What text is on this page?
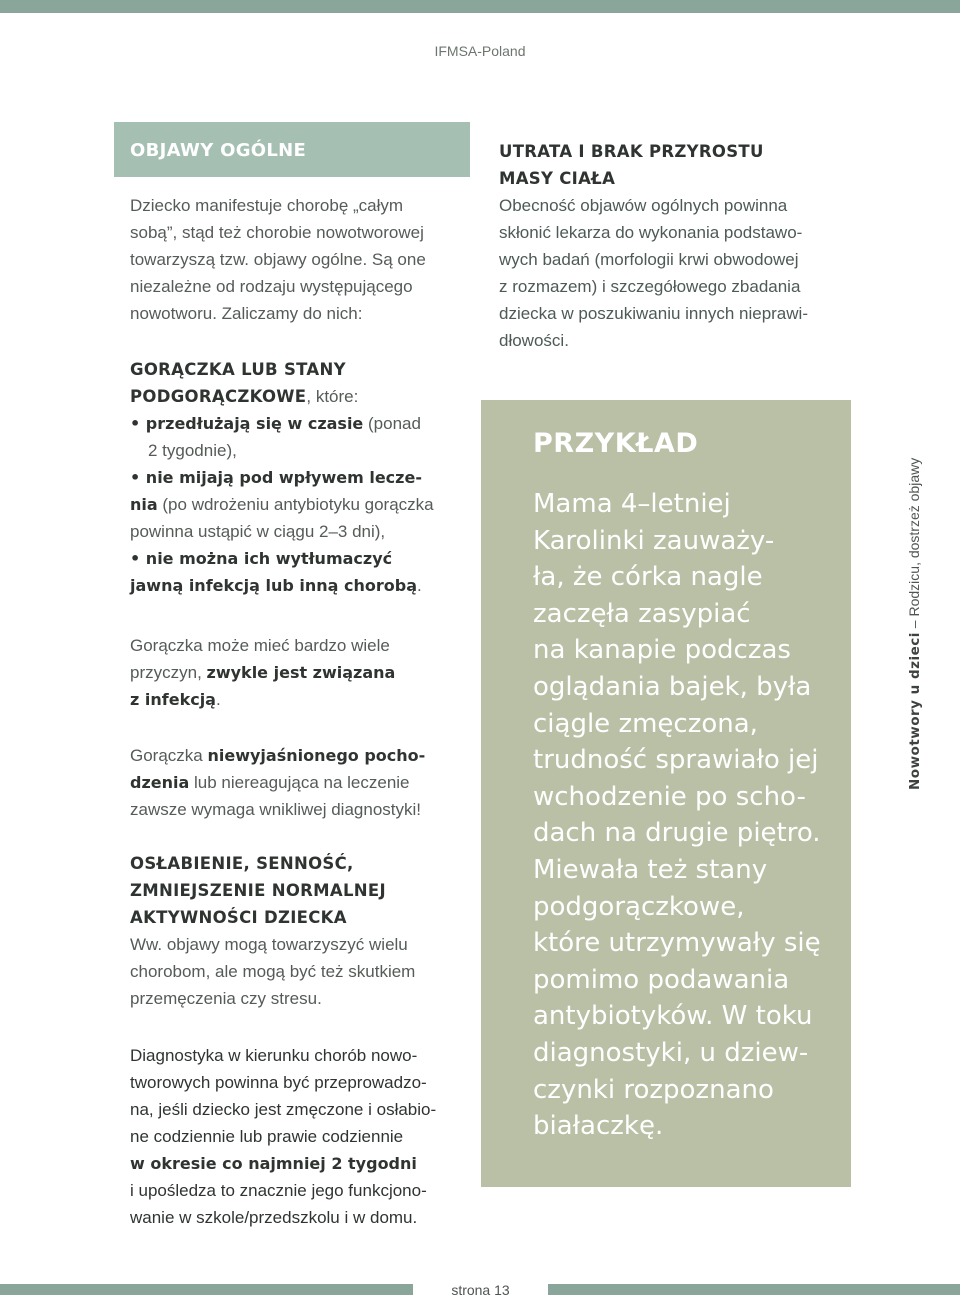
IFMSA-Poland
OBJAWY OGÓLNE
Dziecko manifestuje chorobę „całym
sobą”, stąd też chorobie nowotworowej
towarzyszą tzw. objawy ogólne. Są one
niezależne od rodzaju występującego
nowotworu. Zaliczamy do nich:
GORĄCZKA LUB STANY
PODGORĄCZKOWE, które:
• przedłużają się w czasie (ponad
2 tygodnie),
• nie mijają pod wpływem lecze-
nia (po wdrożeniu antybiotyku gorączka
powinna ustąpić w ciągu 2–3 dni),
• nie można ich wytłumaczyć
jawną infekcją lub inną chorobą.
Gorączka może mieć bardzo wiele
przyczyn, zwykle jest związana
z infekcją.
Gorączka niewyjaśnionego pocho-
dzenia lub niereagująca na leczenie
zawsze wymaga wnikliwej diagnostyki!
OSŁABIENIE, SENNOŚĆ,
ZMNIEJSZENIE NORMALNEJ
AKTYWNOŚCI DZIECKA
Ww. objawy mogą towarzyszyć wielu
chorobom, ale mogą być też skutkiem
przemęczenia czy stresu.
Diagnostyka w kierunku chorób nowo-
tworowych powinna być przeprowadzo-
na, jeśli dziecko jest zmęczone i osłabio-
ne codziennie lub prawie codziennie
w okresie co najmniej 2 tygodni
i upośledza to znacznie jego funkcjono-
wanie w szkole/przedszkolu i w domu.
UTRATA I BRAK PRZYROSTU
MASY CIAŁA
Obecność objawów ogólnych powinna
skłonić lekarza do wykonania podstawo-
wych badań (morfologii krwi obwodowej
z rozmazem) i szczegółowego zbadania
dziecka w poszukiwaniu innych nieprawi-
dłowości.
PRZYKŁAD
Mama 4–letniej
Karolinki zauważy-
ła, że córka nagle
zaczęła zasypiać
na kanapie podczas
oglądania bajek, była
ciągle zmęczona,
trudność sprawiało jej
wchodzenie po scho-
dach na drugie piętro.
Miewała też stany
podgorączkowe,
które utrzymywały się
pomimo podawania
antybiotyków. W toku
diagnostyki, u dziew-
czynki rozpoznano
białaczkę.
Nowotwory u dzieci – Rodzicu, dostrzeż objawy
strona 13
